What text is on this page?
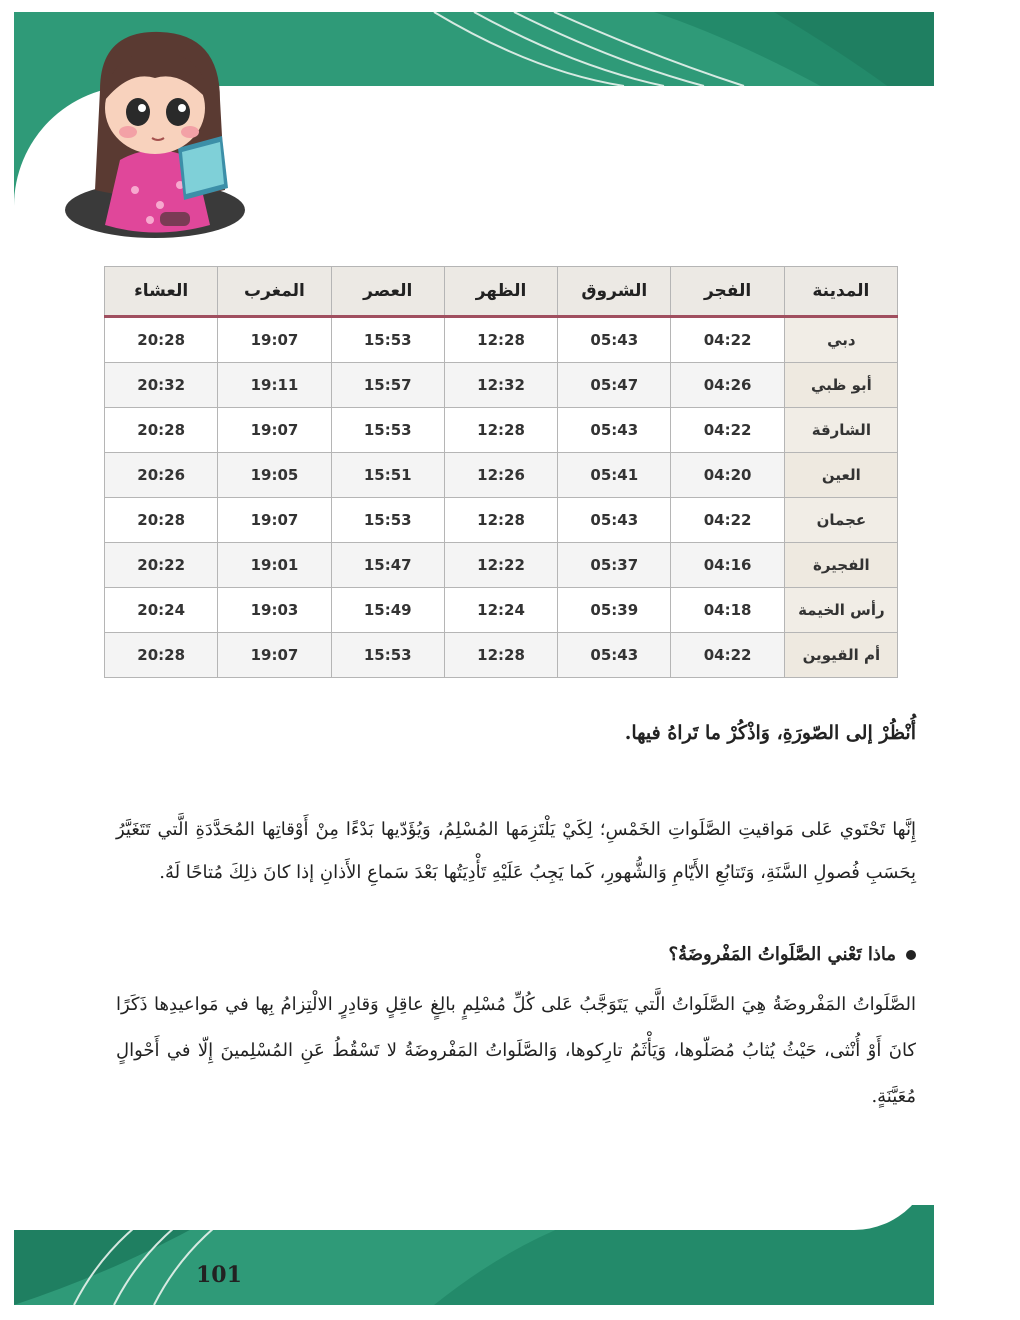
المدينة	الفجر	الشروق	الظهر	العصر	المغرب	العشاء
دبي	04:22	05:43	12:28	15:53	19:07	20:28
أبو ظبي	04:26	05:47	12:32	15:57	19:11	20:32
الشارقة	04:22	05:43	12:28	15:53	19:07	20:28
العين	04:20	05:41	12:26	15:51	19:05	20:26
عجمان	04:22	05:43	12:28	15:53	19:07	20:28
الفجيرة	04:16	05:37	12:22	15:47	19:01	20:22
رأس الخيمة	04:18	05:39	12:24	15:49	19:03	20:24
أم القيوين	04:22	05:43	12:28	15:53	19:07	20:28
أُنْظُرْ إلى الصّورَةِ، وَاذْكُرْ ما تَراهُ فيها.
إِنَّها تَحْتَوي عَلى مَواقيتِ الصَّلَواتِ الخَمْسِ؛ لِكَيْ يَلْتَزِمَها المُسْلِمُ، وَيُؤَدّيها بَدْءًا مِنْ أَوْقاتِها المُحَدَّدَةِ الَّتي تَتَغَيَّرُ بِحَسَبِ فُصولِ السَّنَةِ، وَتَتابُعِ الأَيّامِ وَالشُّهورِ، كَما يَجِبُ عَلَيْهِ تَأْدِيَتُها بَعْدَ سَماعِ الأَذانِ إذا كانَ ذلِكَ مُتاحًا لَهُ.
ماذا تَعْني الصَّلَواتُ المَفْروضَةُ؟
الصَّلَواتُ المَفْروضَةُ هِيَ الصَّلَواتُ الَّتي يَتَوَجَّبُ عَلى كُلِّ مُسْلِمٍ بالِغٍ عاقِلٍ وَقادِرٍ الالْتِزامُ بِها في مَواعيدِها ذَكَرًا كانَ أَوْ أُنْثى، حَيْثُ يُثابُ مُصَلّوها، وَيَأْثَمُ تارِكوها، وَالصَّلَواتُ المَفْروضَةُ لا تَسْقُطُ عَنِ المُسْلِمينَ إِلّا في أَحْوالٍ مُعَيَّنَةٍ.
101
